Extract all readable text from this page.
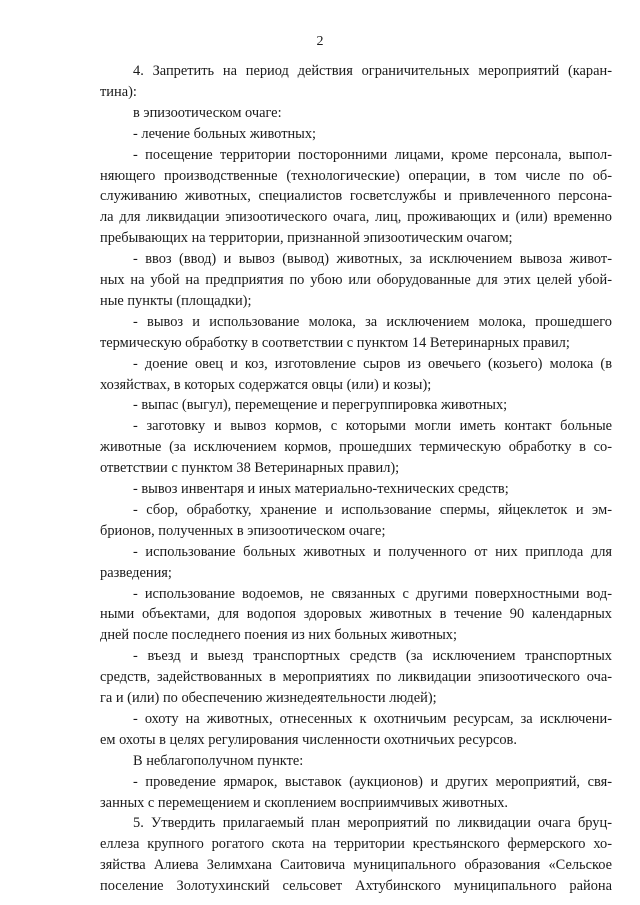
2
4. Запретить на период действия ограничительных мероприятий (каран-
тина):
в эпизоотическом очаге:
- лечение больных животных;
- посещение территории посторонними лицами, кроме персонала, выпол-
няющего производственные (технологические) операции, в том числе по об-
служиванию животных, специалистов госветслужбы и привлеченного персона-
ла для ликвидации эпизоотического очага, лиц, проживающих и (или) временно
пребывающих на территории, признанной эпизоотическим очагом;
- ввоз (ввод) и вывоз (вывод) животных, за исключением вывоза живот-
ных на убой на предприятия по убою или оборудованные для этих целей убой-
ные пункты (площадки);
- вывоз и использование молока, за исключением молока, прошедшего
термическую обработку в соответствии с пунктом 14 Ветеринарных правил;
- доение овец и коз, изготовление сыров из овечьего (козьего) молока (в
хозяйствах, в которых содержатся овцы (или) и козы);
- выпас (выгул), перемещение и перегруппировка животных;
- заготовку и вывоз кормов, с которыми могли иметь контакт больные
животные (за исключением кормов, прошедших термическую обработку в со-
ответствии с пунктом 38 Ветеринарных правил);
- вывоз инвентаря и иных материально-технических средств;
- сбор, обработку, хранение и использование спермы, яйцеклеток и эм-
брионов, полученных в эпизоотическом очаге;
- использование больных животных и полученного от них приплода для
разведения;
- использование водоемов, не связанных с другими поверхностными вод-
ными объектами, для водопоя здоровых животных в течение 90 календарных
дней после последнего поения из них больных животных;
- въезд и выезд транспортных средств (за исключением транспортных
средств, задействованных в мероприятиях по ликвидации эпизоотического оча-
га и (или) по обеспечению жизнедеятельности людей);
- охоту на животных, отнесенных к охотничьим ресурсам, за исключени-
ем охоты в целях регулирования численности охотничьих ресурсов.
В неблагополучном пункте:
- проведение ярмарок, выставок (аукционов) и других мероприятий, свя-
занных с перемещением и скоплением восприимчивых животных.
5. Утвердить прилагаемый план мероприятий по ликвидации очага бруц-
еллеза крупного рогатого скота на территории крестьянского фермерского хо-
зяйства Алиева Зелимхана Саитовича муниципального образования «Сельское
поселение Золотухинский сельсовет Ахтубинского муниципального района
